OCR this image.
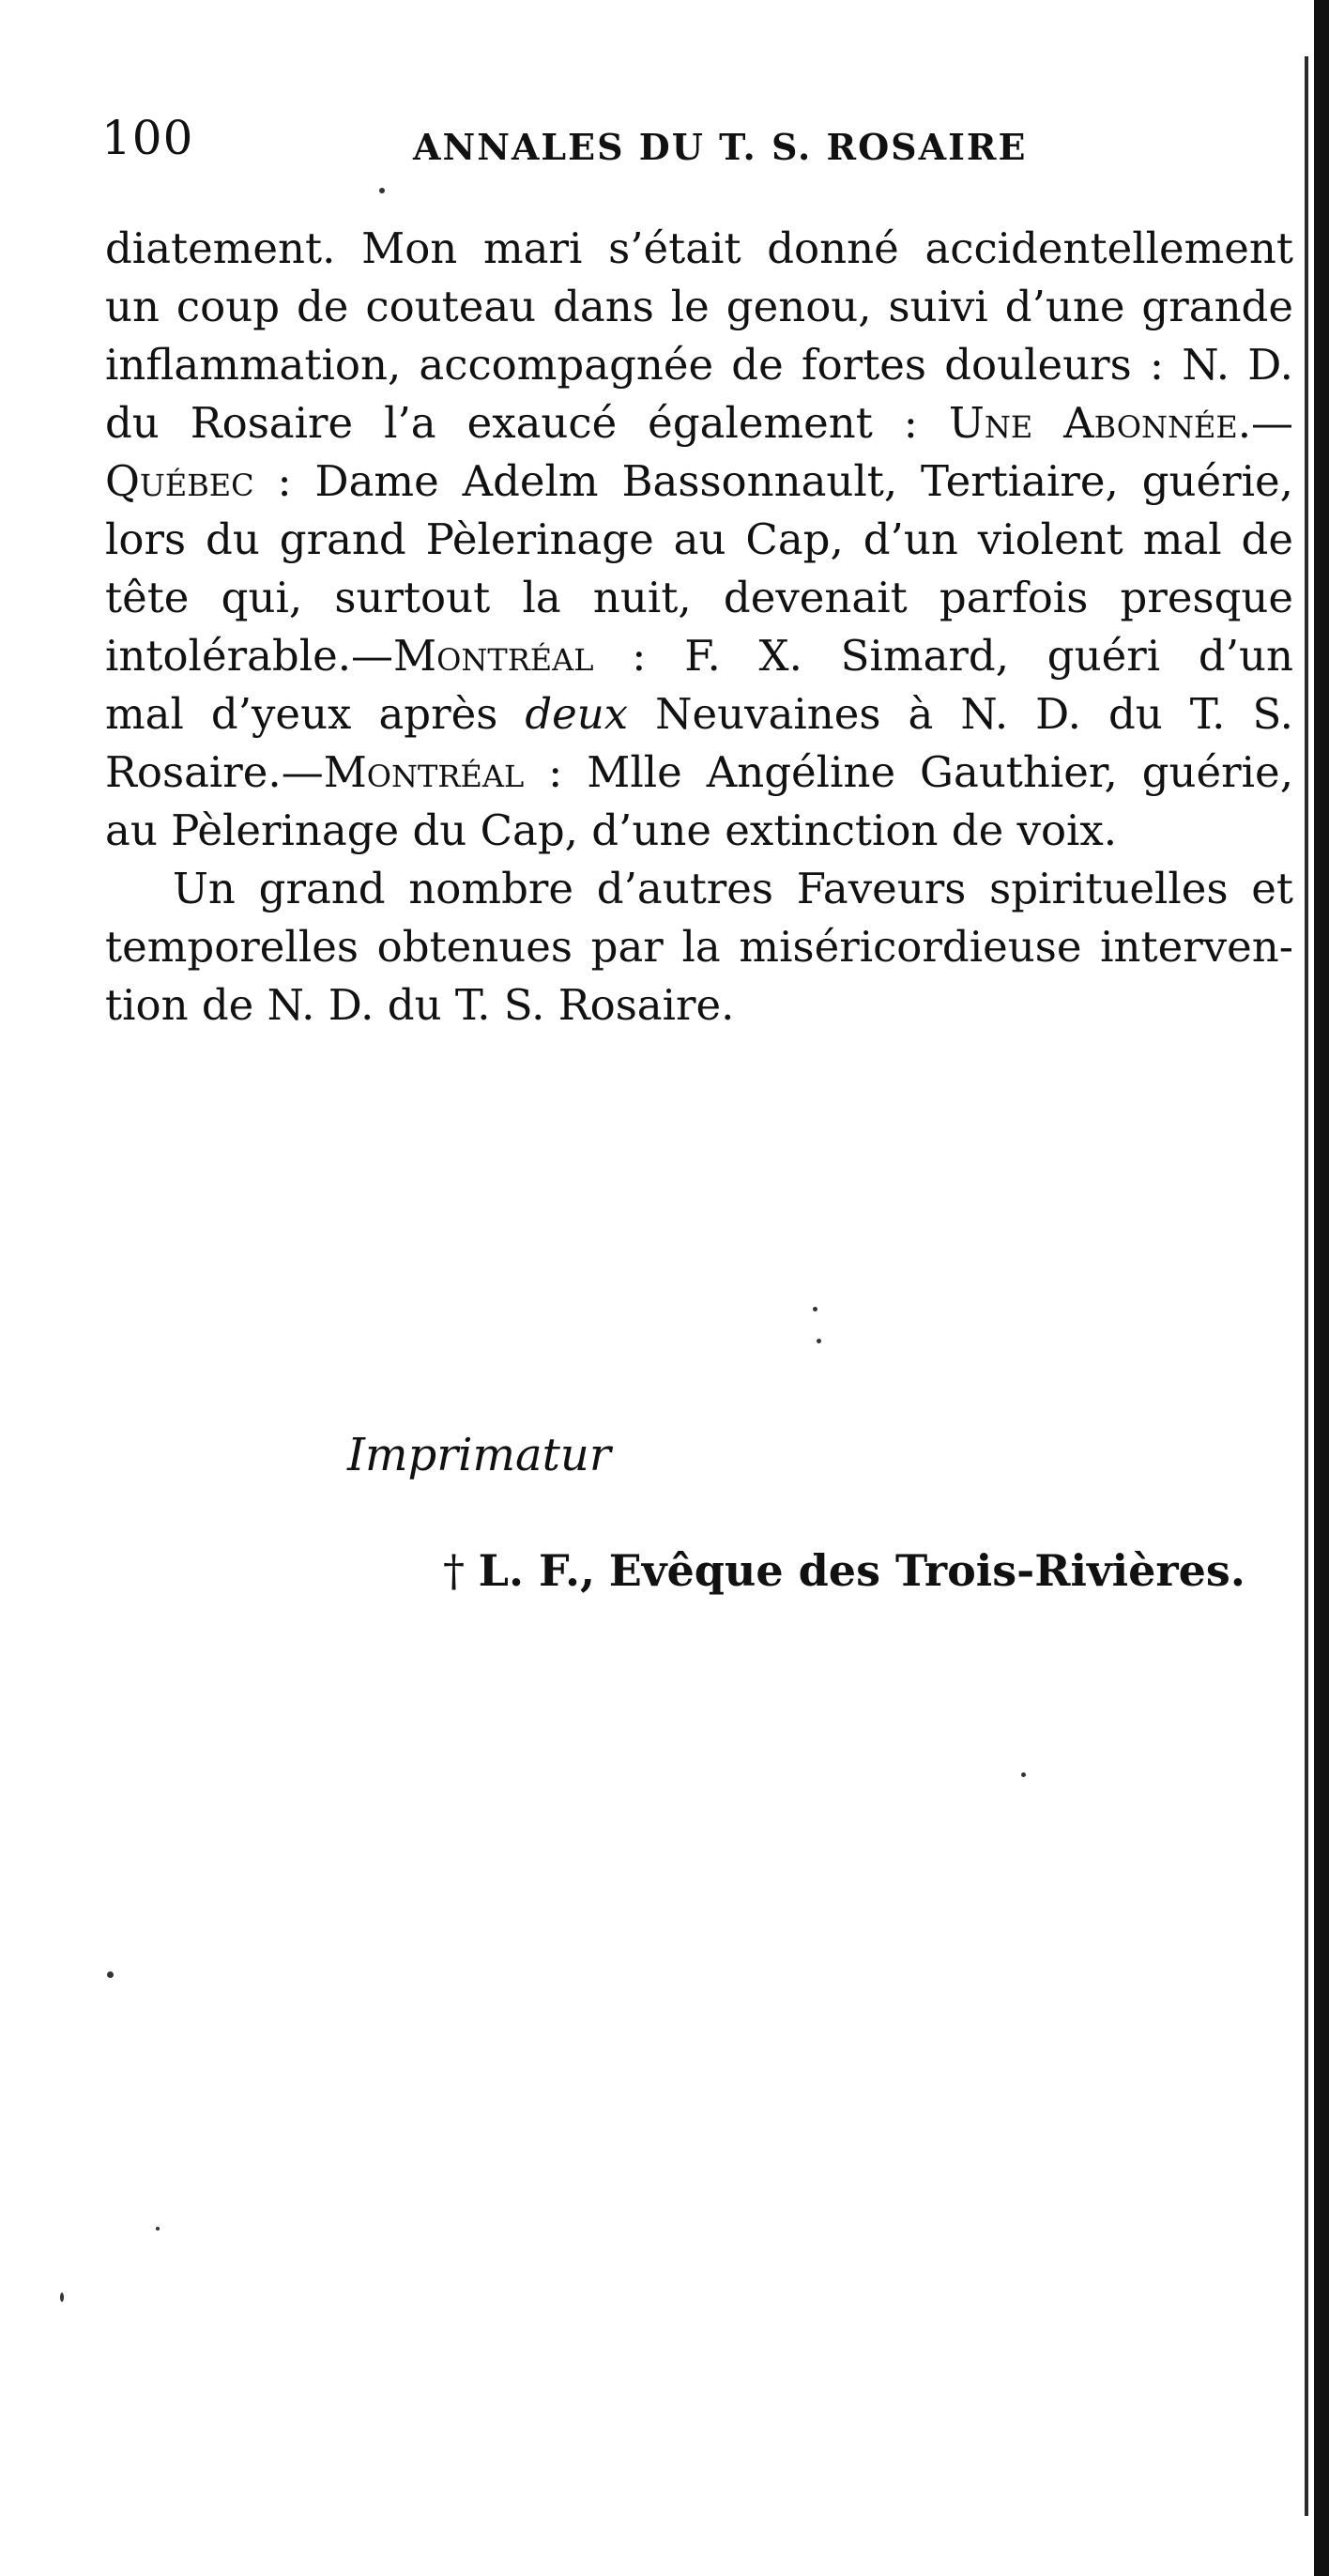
100	ANNALES DU T. S. ROSAIRE
diatement. Mon mari s’était donné accidentellement
un coup de couteau dans le genou, suivi d’une grande
inflammation, accompagnée de fortes douleurs : N. D.
du Rosaire l’a exaucé également : Une Abonnée.—
Québec : Dame Adelm Bassonnault, Tertiaire, guérie,
lors du grand Pèlerinage au Cap, d’un violent mal de
tête qui, surtout la nuit, devenait parfois presque
intolérable.—Montréal : F. X. Simard, guéri d’un
mal d’yeux après deux Neuvaines à N. D. du T. S.
Rosaire.—Montréal : Mlle Angéline Gauthier, guérie,
au Pèlerinage du Cap, d’une extinction de voix.
Un grand nombre d’autres Faveurs spirituelles et
temporelles obtenues par la miséricordieuse interven-
tion de N. D. du T. S. Rosaire.
Imprimatur
† L. F., Evêque des Trois-Rivières.
